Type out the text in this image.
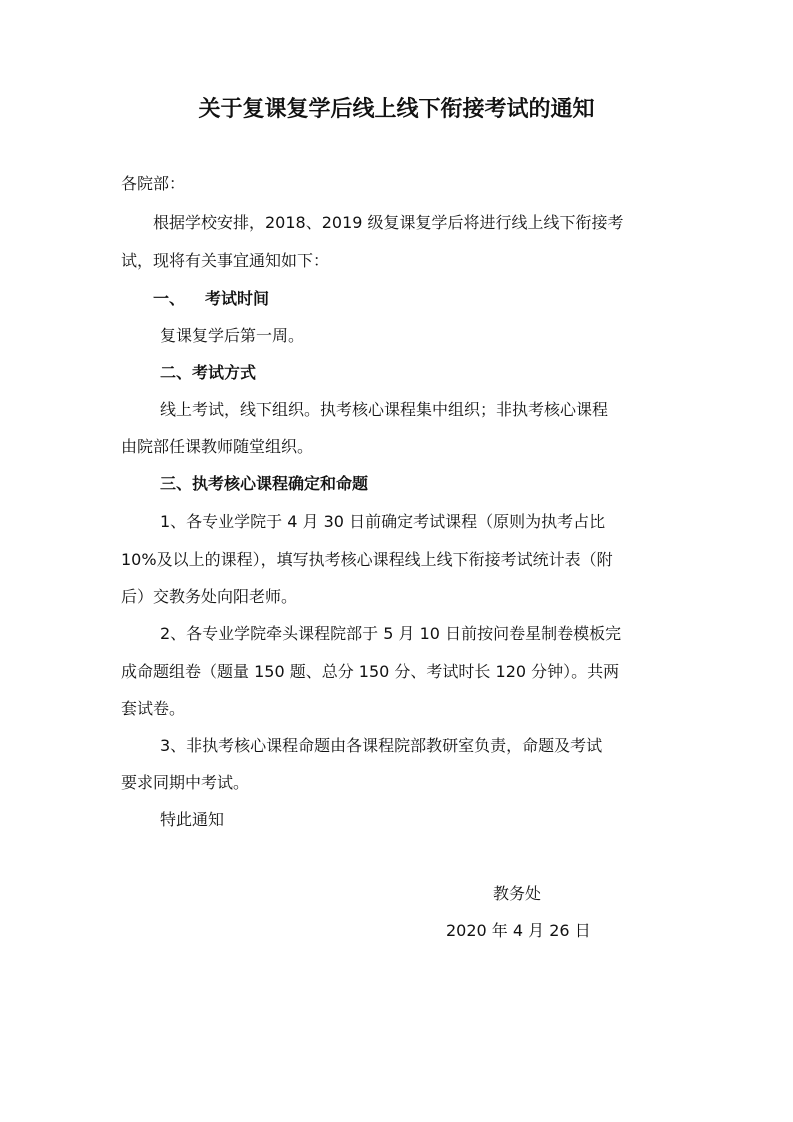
关于复课复学后线上线下衔接考试的通知
各院部：
根据学校安排，2018、2019 级复课复学后将进行线上线下衔接考
试，现将有关事宜通知如下：
一、 考试时间
复课复学后第一周。
二、考试方式
线上考试，线下组织。执考核心课程集中组织；非执考核心课程
由院部任课教师随堂组织。
三、执考核心课程确定和命题
1、各专业学院于 4 月 30 日前确定考试课程（原则为执考占比
10%及以上的课程），填写执考核心课程线上线下衔接考试统计表（附
后）交教务处向阳老师。
2、各专业学院牵头课程院部于 5 月 10 日前按问卷星制卷模板完
成命题组卷（题量 150 题、总分 150 分、考试时长 120 分钟）。共两
套试卷。
3、非执考核心课程命题由各课程院部教研室负责，命题及考试
要求同期中考试。
特此通知
教务处
2020 年 4 月 26 日
